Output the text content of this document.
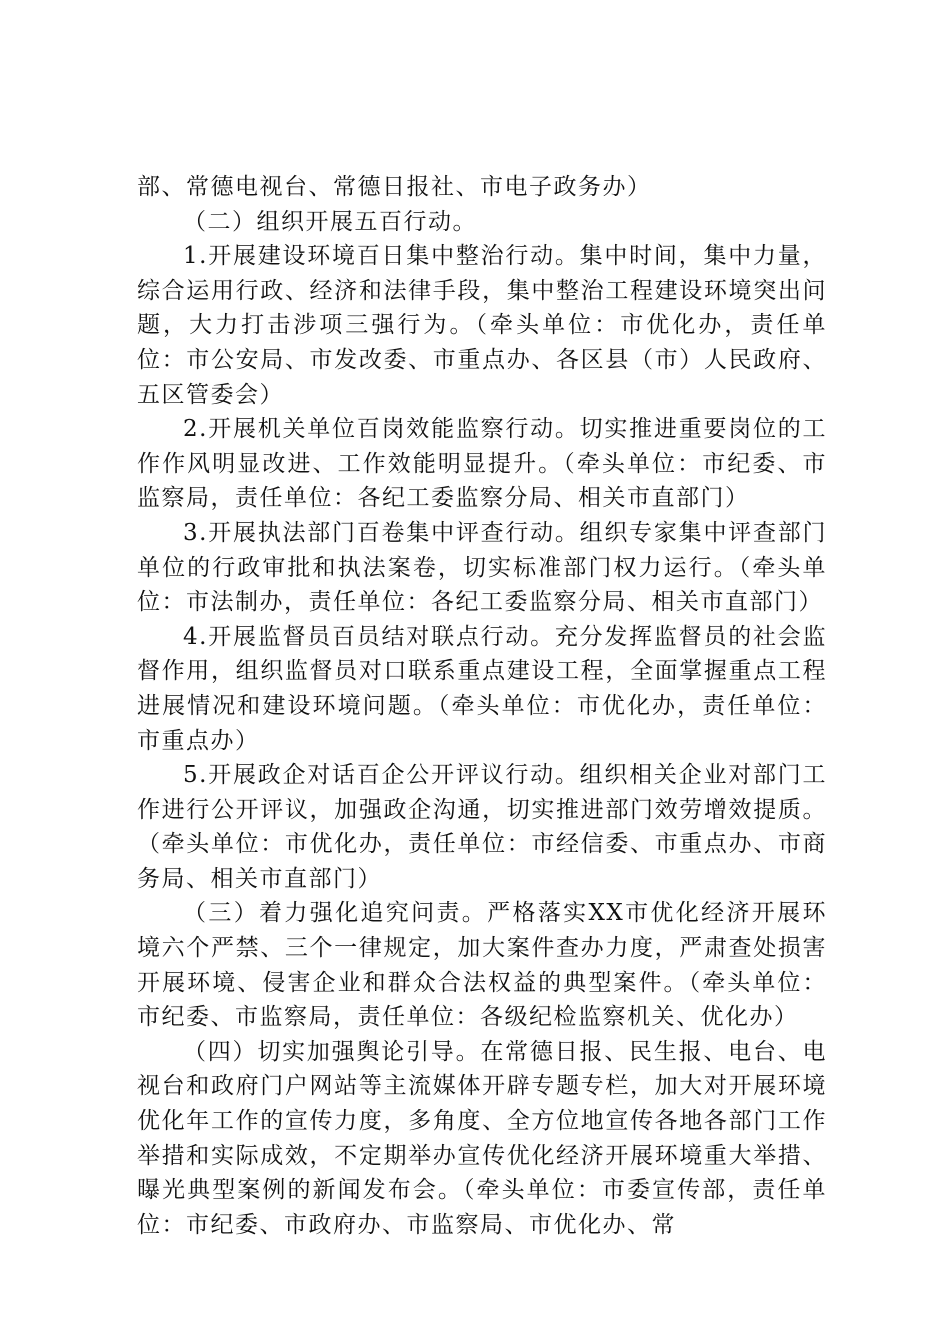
部、常德电视台、常德日报社、市电子政务办）

（二）组织开展五百行动。

1.开展建设环境百日集中整治行动。集中时间，集中力量，综合运用行政、经济和法律手段，集中整治工程建设环境突出问题，大力打击涉项三强行为。（牵头单位：市优化办，责任单位：市公安局、市发改委、市重点办、各区县（市）人民政府、五区管委会）

2.开展机关单位百岗效能监察行动。切实推进重要岗位的工作作风明显改进、工作效能明显提升。（牵头单位：市纪委、市监察局，责任单位：各纪工委监察分局、相关市直部门）

3.开展执法部门百卷集中评查行动。组织专家集中评查部门单位的行政审批和执法案卷，切实标准部门权力运行。（牵头单位：市法制办，责任单位：各纪工委监察分局、相关市直部门）

4.开展监督员百员结对联点行动。充分发挥监督员的社会监督作用，组织监督员对口联系重点建设工程，全面掌握重点工程进展情况和建设环境问题。（牵头单位：市优化办，责任单位：市重点办）

5.开展政企对话百企公开评议行动。组织相关企业对部门工作进行公开评议，加强政企沟通，切实推进部门效劳增效提质。（牵头单位：市优化办，责任单位：市经信委、市重点办、市商务局、相关市直部门）

（三）着力强化追究问责。严格落实XX市优化经济开展环境六个严禁、三个一律规定，加大案件查办力度，严肃查处损害开展环境、侵害企业和群众合法权益的典型案件。（牵头单位：市纪委、市监察局，责任单位：各级纪检监察机关、优化办）

（四）切实加强舆论引导。在常德日报、民生报、电台、电视台和政府门户网站等主流媒体开辟专题专栏，加大对开展环境优化年工作的宣传力度，多角度、全方位地宣传各地各部门工作举措和实际成效，不定期举办宣传优化经济开展环境重大举措、曝光典型案例的新闻发布会。（牵头单位：市委宣传部，责任单位：市纪委、市政府办、市监察局、市优化办、常
